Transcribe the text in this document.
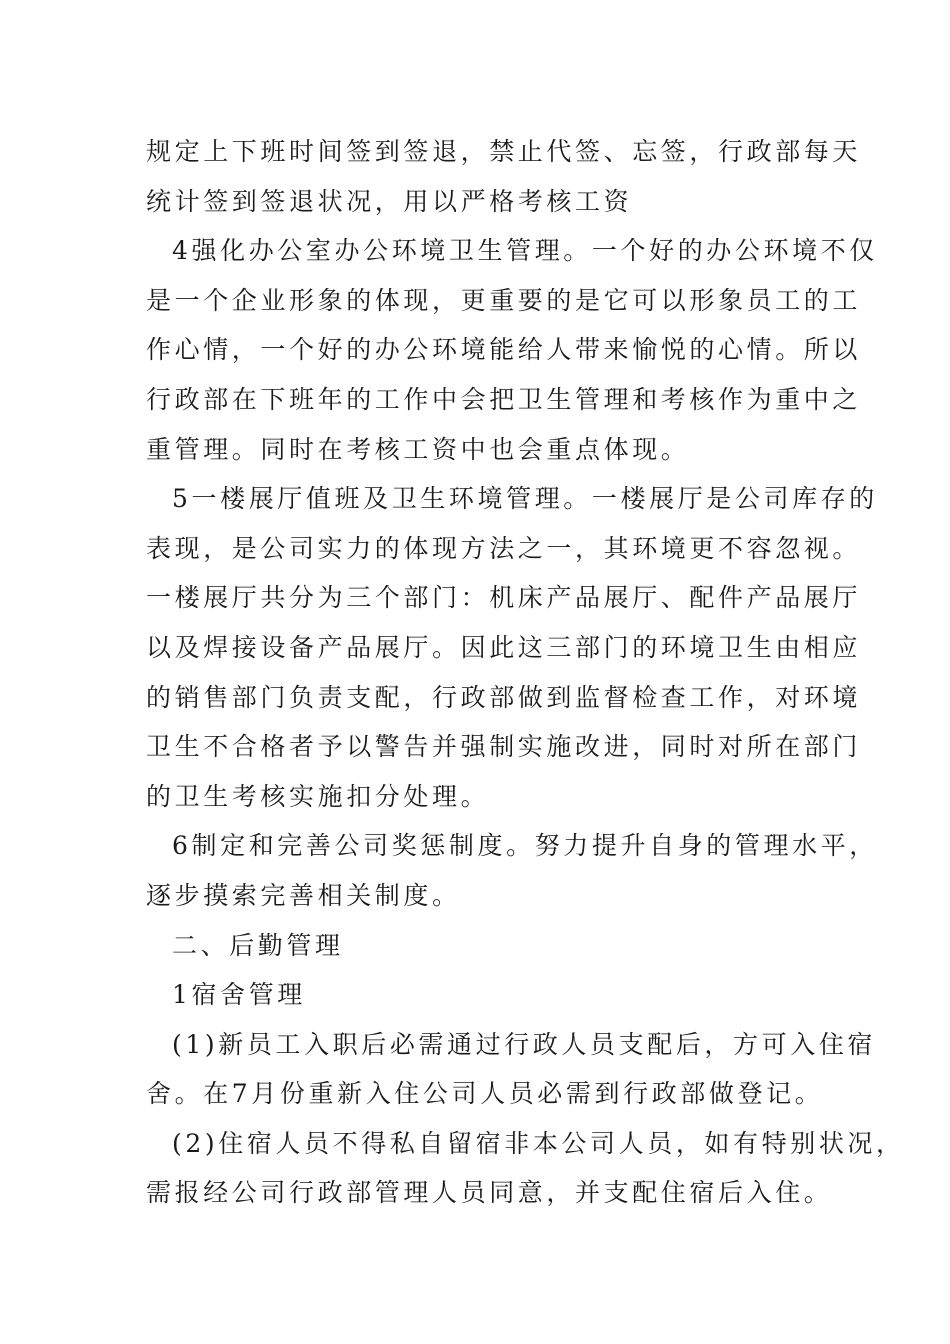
规定上下班时间签到签退，禁止代签、忘签，行政部每天
统计签到签退状况，用以严格考核工资
4强化办公室办公环境卫生管理。一个好的办公环境不仅
是一个企业形象的体现，更重要的是它可以形象员工的工
作心情，一个好的办公环境能给人带来愉悦的心情。所以
行政部在下班年的工作中会把卫生管理和考核作为重中之
重管理。同时在考核工资中也会重点体现。
5一楼展厅值班及卫生环境管理。一楼展厅是公司库存的
表现，是公司实力的体现方法之一，其环境更不容忽视。
一楼展厅共分为三个部门：机床产品展厅、配件产品展厅
以及焊接设备产品展厅。因此这三部门的环境卫生由相应
的销售部门负责支配，行政部做到监督检查工作，对环境
卫生不合格者予以警告并强制实施改进，同时对所在部门
的卫生考核实施扣分处理。
6制定和完善公司奖惩制度。努力提升自身的管理水平，
逐步摸索完善相关制度。
二、后勤管理
1宿舍管理
(1)新员工入职后必需通过行政人员支配后，方可入住宿
舍。在7月份重新入住公司人员必需到行政部做登记。
(2)住宿人员不得私自留宿非本公司人员，如有特别状况，
需报经公司行政部管理人员同意，并支配住宿后入住。
